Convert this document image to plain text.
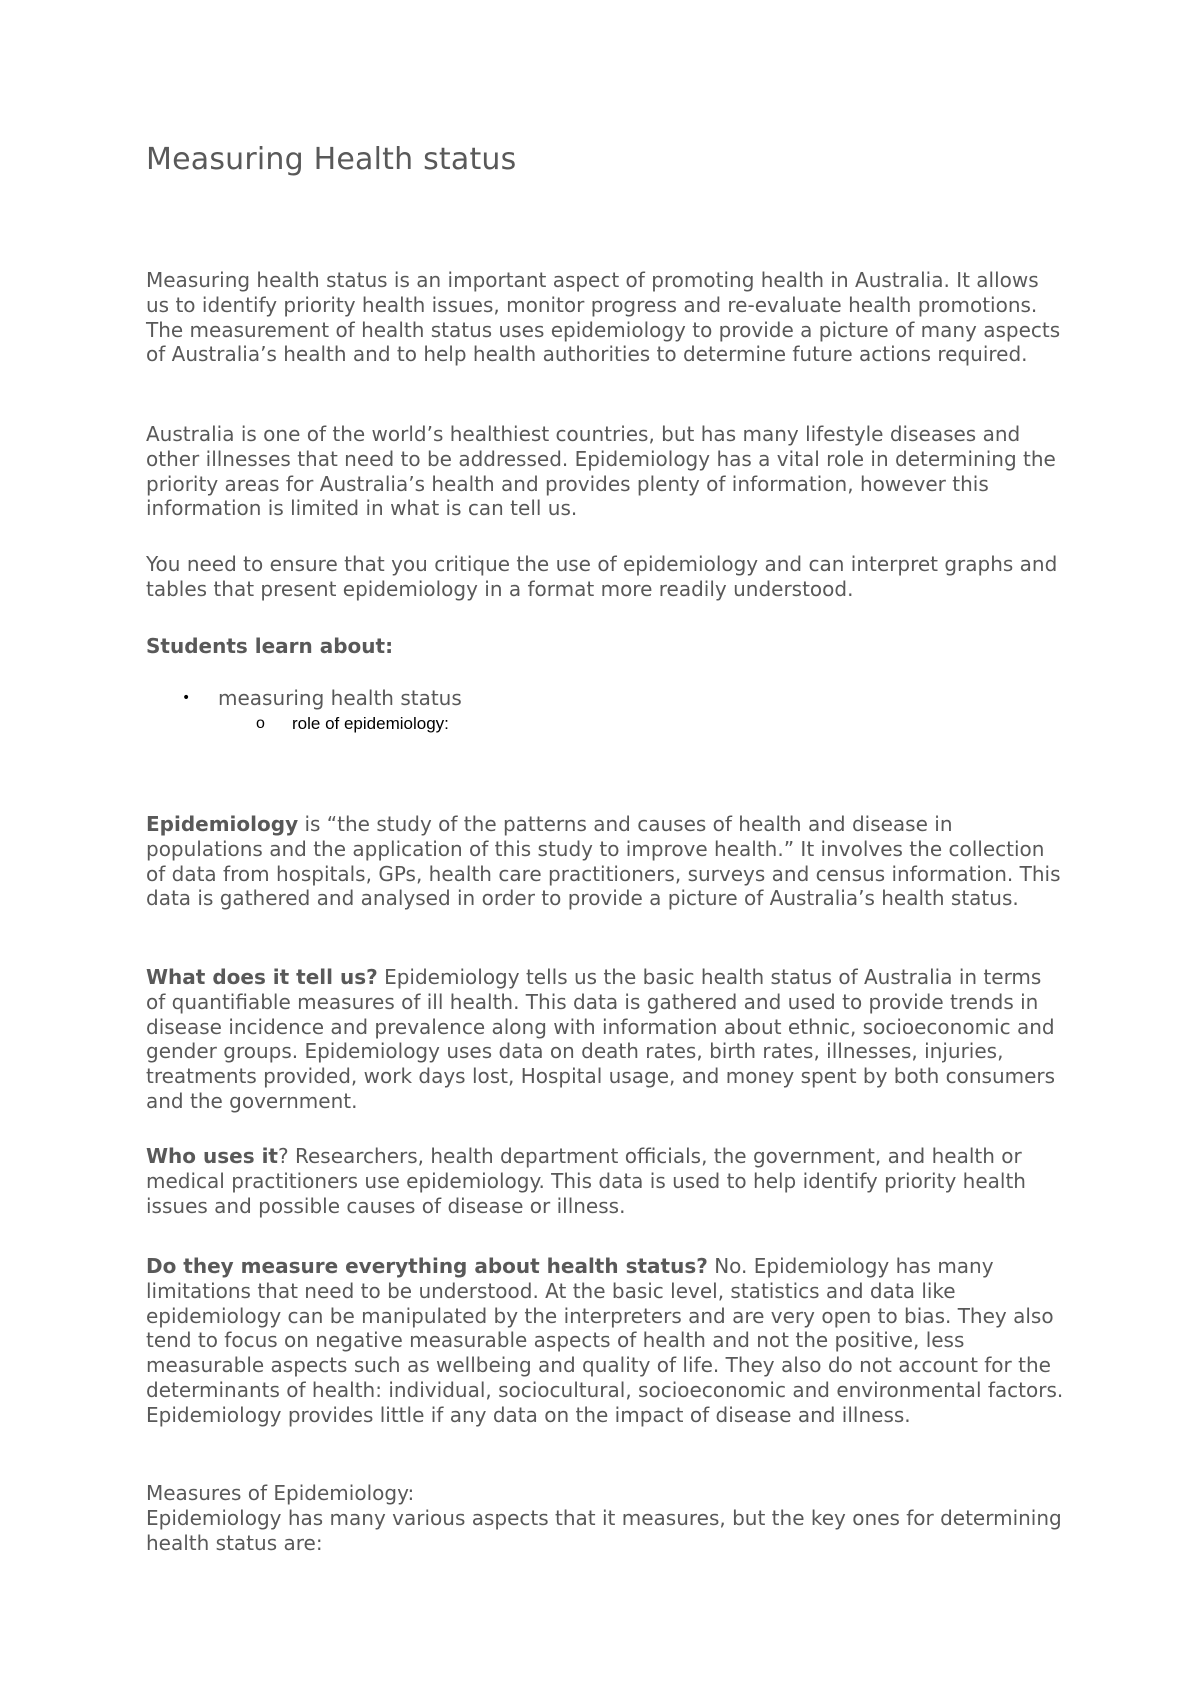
Measuring Health status

Measuring health status is an important aspect of promoting health in Australia. It allows us to identify priority health issues, monitor progress and re-evaluate health promotions. The measurement of health status uses epidemiology to provide a picture of many aspects of Australia’s health and to help health authorities to determine future actions required.

Australia is one of the world’s healthiest countries, but has many lifestyle diseases and other illnesses that need to be addressed. Epidemiology has a vital role in determining the priority areas for Australia’s health and provides plenty of information, however this information is limited in what is can tell us.

You need to ensure that you critique the use of epidemiology and can interpret graphs and tables that present epidemiology in a format more readily understood.

Students learn about:
• measuring health status
o role of epidemiology:

Epidemiology is “the study of the patterns and causes of health and disease in populations and the application of this study to improve health.” It involves the collection of data from hospitals, GPs, health care practitioners, surveys and census information. This data is gathered and analysed in order to provide a picture of Australia’s health status.

What does it tell us? Epidemiology tells us the basic health status of Australia in terms of quantifiable measures of ill health. This data is gathered and used to provide trends in disease incidence and prevalence along with information about ethnic, socioeconomic and gender groups. Epidemiology uses data on death rates, birth rates, illnesses, injuries, treatments provided, work days lost, Hospital usage, and money spent by both consumers and the government.

Who uses it? Researchers, health department officials, the government, and health or medical practitioners use epidemiology. This data is used to help identify priority health issues and possible causes of disease or illness.

Do they measure everything about health status? No. Epidemiology has many limitations that need to be understood. At the basic level, statistics and data like epidemiology can be manipulated by the interpreters and are very open to bias. They also tend to focus on negative measurable aspects of health and not the positive, less measurable aspects such as wellbeing and quality of life. They also do not account for the determinants of health: individual, sociocultural, socioeconomic and environmental factors. Epidemiology provides little if any data on the impact of disease and illness.

Measures of Epidemiology:

Epidemiology has many various aspects that it measures, but the key ones for determining health status are:
